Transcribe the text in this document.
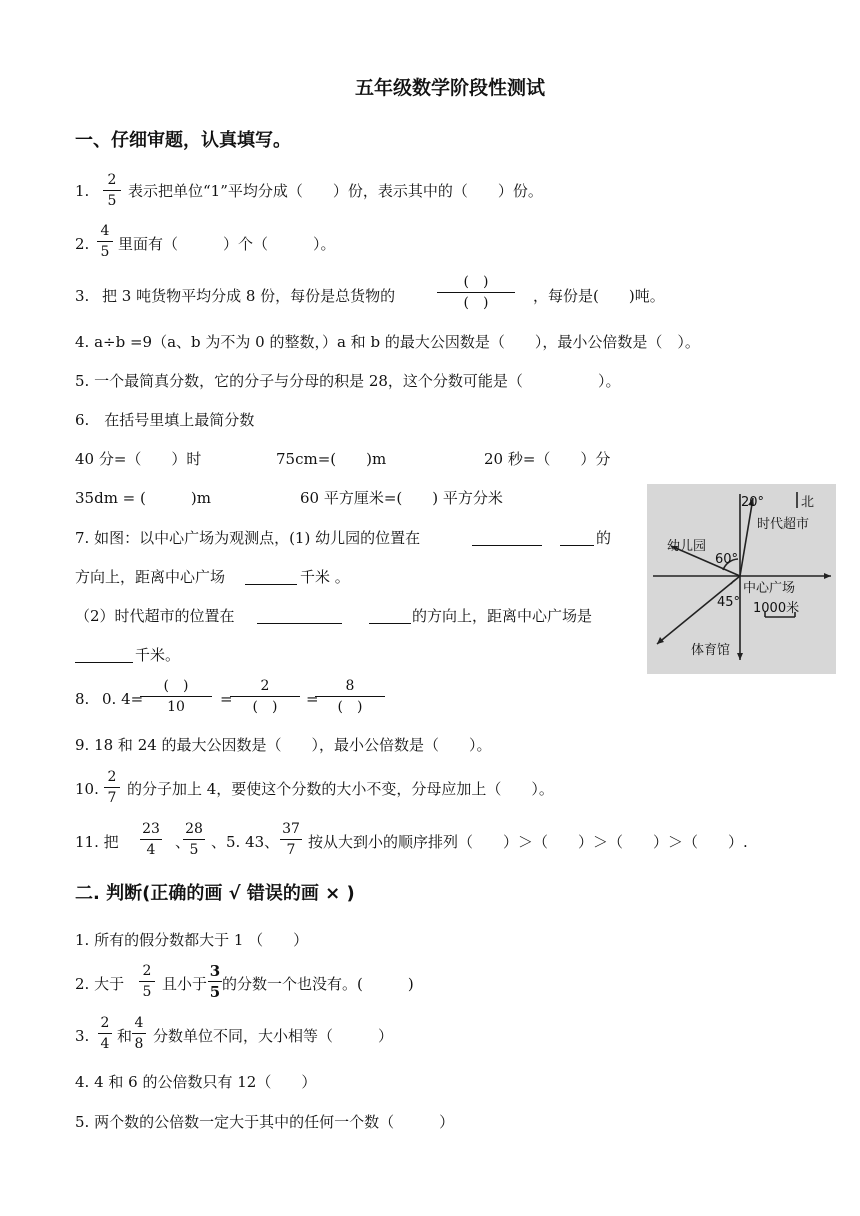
五年级数学阶段性测试
一、仔细审题，认真填写。
1.
2
5
表示把单位“1”平均分成（　　）份，表示其中的（　　）份。
2.
4
5 里面有（　　　）个（　　　）。
3. 把 3 吨货物平均分成 8 份，每份是总货物的
(　)
(　)	，每份是(　　)吨。
4. a÷b =9（a、b 为不为 0 的整数，）a 和 b 的最大公因数是（　　），最小公倍数是（　）。
5. 一个最简真分数，它的分子与分母的积是 28，这个分数可能是（　　　　　）。
6.　在括号里填上最简分数
40 分=（　　）时	75cm=(　　)m	20 秒=（　　）分
35dm = (　　　)m	60 平方厘米=(　　) 平方分米
7. 如图：以中心广场为观测点，(1) 幼儿园的位置在	的
方向上，距离中心广场	千米 。
（2）时代超市的位置在	的方向上，距离中心广场是
千米。
20°	北
时代超市
幼儿园
60°
中心广场
45° 1000米
体育馆
8. 0. 4=
(　)
10	=
2
(　)	=
8
(　)
9. 18 和 24 的最大公因数是（　　），最小公倍数是（　　）。
10.
2
7 的分子加上 4，要使这个分数的大小不变，分母应加上（　　）。
11. 把
23
4	、
28
5 、5. 43、
37
7 按从大到小的顺序排列（　　）＞（　　）＞（　　）＞（　　）.
二. 判断(正确的画 √ 错误的画 × )
1. 所有的假分数都大于 1 （　　）
2. 大于
2
5 且小于
3
5 的分数一个也没有。(　　　)
3.
2
4 和
4
8 分数单位不同，大小相等（　　　）
4. 4 和 6 的公倍数只有 12（　　）
5. 两个数的公倍数一定大于其中的任何一个数（　　　）
